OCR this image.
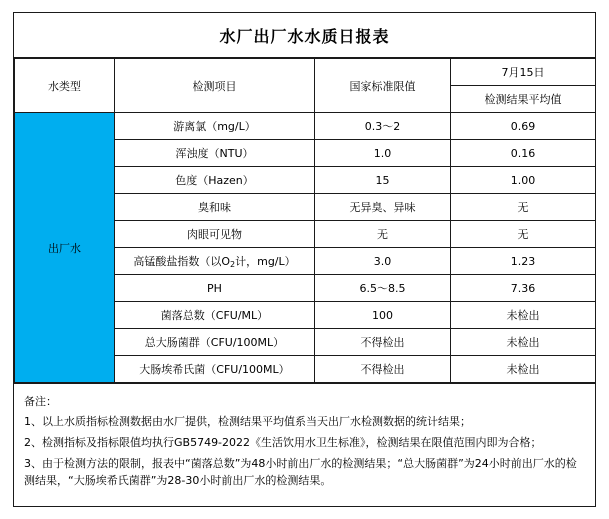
水厂出厂水水质日报表
水类型	检测项目	国家标准限值	7月15日
			检测结果平均值
出厂水	游离氯（mg/L）	0.3～2	0.69
	浑浊度（NTU）	1.0	0.16
	色度（Hazen）	15	1.00
	臭和味	无异臭、异味	无
	肉眼可见物	无	无
	高锰酸盐指数（以$O_2$计，mg/L）	3.0	1.23
	PH	6.5～8.5	7.36
	菌落总数（CFU/ML）	100	未检出
	总大肠菌群（CFU/100ML）	不得检出	未检出
	大肠埃希氏菌（CFU/100ML）	不得检出	未检出

备注：

1、以上水质指标检测数据由水厂提供，检测结果平均值系当天出厂水检测数据的统计结果；

2、检测指标及指标限值均执行GB5749-2022《生活饮用水卫生标准》，检测结果在限值范围内即为合格；

3、由于检测方法的限制，报表中“菌落总数”为48小时前出厂水的检测结果；“总大肠菌群”为24小时前出厂水的检测结果，“大肠埃希氏菌群”为28-30小时前出厂水的检测结果。
